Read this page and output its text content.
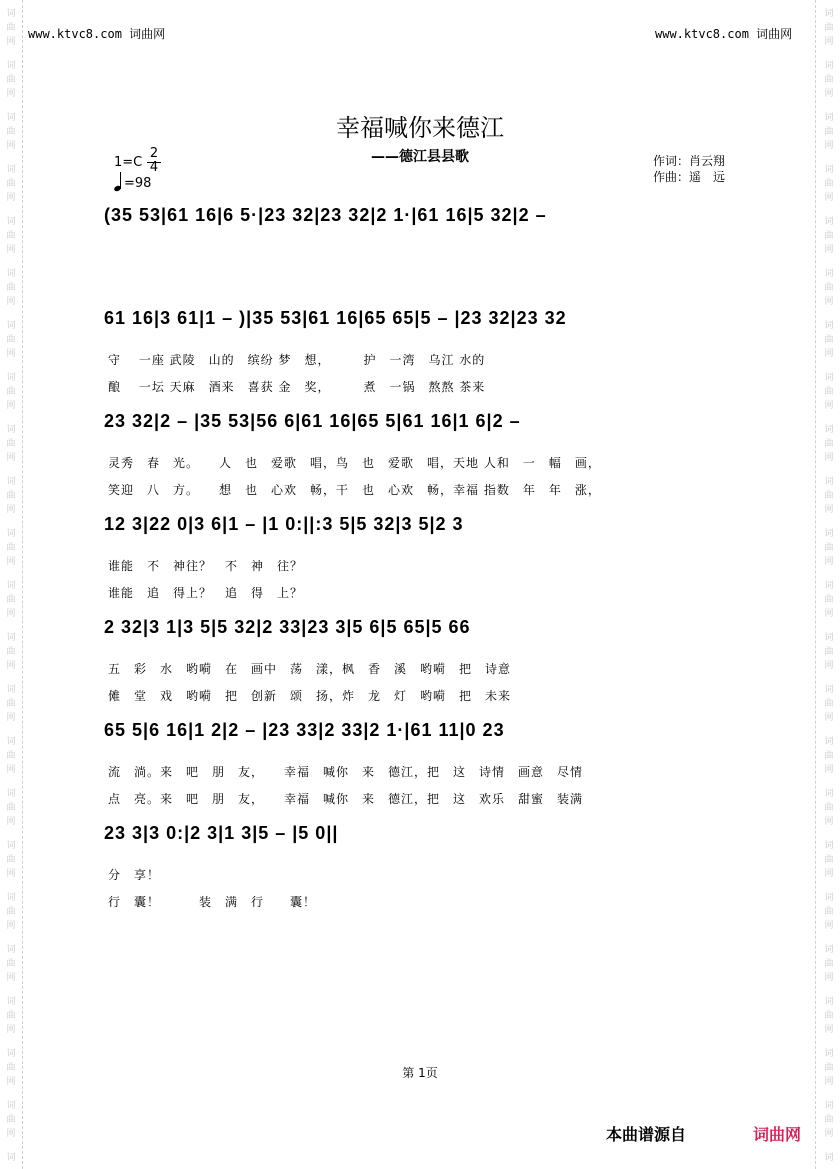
词
曲
网
词
曲
网
词
曲
网
词
曲
网
词
曲
网
词
曲
网
词
曲
网
词
曲
网
词
曲
网
词
曲
网
词
曲
网
词
曲
网
词
曲
网
词
曲
网
词
曲
网
词
曲
网
词
曲
网
词
曲
网
词
曲
网
词
曲
网
词
曲
网
词
曲
网
词
词
曲
网
词
曲
网
词
曲
网
词
曲
网
词
曲
网
词
曲
网
词
曲
网
词
曲
网
词
曲
网
词
曲
网
词
曲
网
词
曲
网
词
曲
网
词
曲
网
词
曲
网
词
曲
网
词
曲
网
词
曲
网
词
曲
网
词
曲
网
词
曲
网
词
曲
网
词
www.ktvc8.com 词曲网	www.ktvc8.com 词曲网
幸福喊你来德江
——德江县县歌	作词：肖云翔
作曲：遥　远
1=C
2
4
=98
(35 53|61 16|6 5·|23 32|23 32|2 1·|61 16|5 32|2 –
61 16|3 61|1 – )|35 53|61 16|65 65|5 – |23 32|23 32
守　 一座 武陵　山的　缤纷 梦　想，　　　护　一湾　乌江 水的
酿　 一坛 天麻　酒来　喜获 金　奖，　　　煮　一锅　熬熬 茶来
23 32|2 – |35 53|56 6|61 16|65 5|61 16|1 6|2 –
灵秀　春　光。　　人　也　爱歌　唱，鸟　也　爱歌　唱，天地 人和　一　幅　画，
笑迎　八　方。　　想　也　心欢　畅，干　也　心欢　畅，幸福 指数　年　年　涨，
12 3|22 0|3 6|1 – |1 0:||:3 5|5 32|3 5|2 3
谁能　不　神往？　不　神　往？
谁能　追　得上？　追　得　上？
2 32|3 1|3 5|5 32|2 33|23 3|5 6|5 65|5 66
五　彩　水　哟嗬　在　画中　荡　漾，枫　香　溪　哟嗬　把　诗意
傩　堂　戏　哟嗬　把　创新　颂　扬，炸　龙　灯　哟嗬　把　未来
65 5|6 16|1 2|2 – |23 33|2 33|2 1·|61 11|0 23
流　淌。来　吧　朋　友，　　幸福　喊你　来　德江，把　这　诗情　画意　尽情
点　亮。来　吧　朋　友，　　幸福　喊你　来　德江，把　这　欢乐　甜蜜　装满
23 3|3 0:|2 3|1 3|5 – |5 0||
分　享！
行　囊！　　　装　满　行　　囊！
第 1页
本曲谱源自	词曲网
